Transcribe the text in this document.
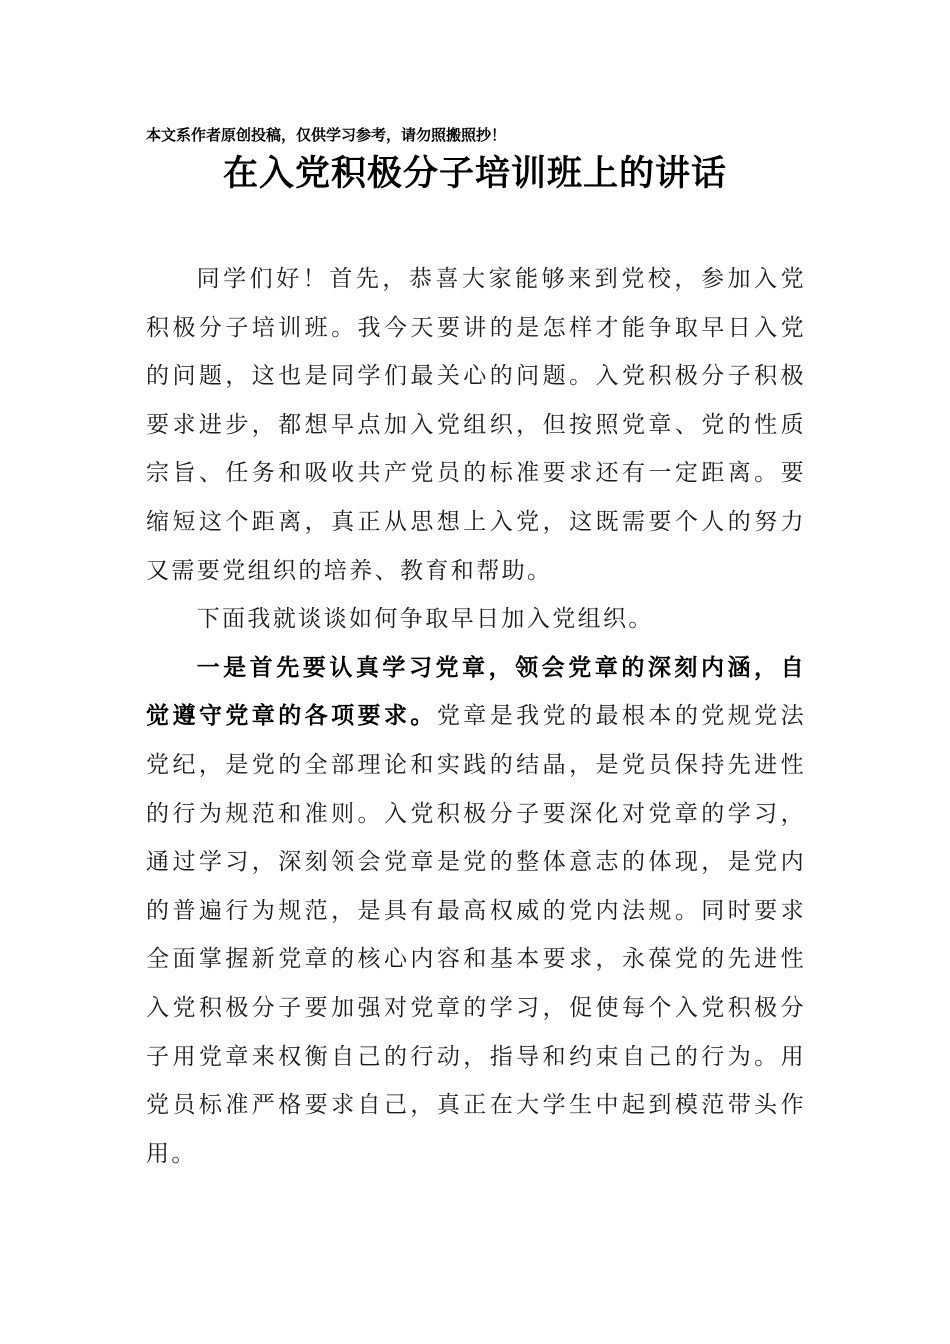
本文系作者原创投稿，仅供学习参考，请勿照搬照抄！
在入党积极分子培训班上的讲话

同学们好！首先，恭喜大家能够来到党校，参加入党积极分子培训班。我今天要讲的是怎样才能争取早日入党的问题，这也是同学们最关心的问题。入党积极分子积极要求进步，都想早点加入党组织，但按照党章、党的性质宗旨、任务和吸收共产党员的标准要求还有一定距离。要缩短这个距离，真正从思想上入党，这既需要个人的努力又需要党组织的培养、教育和帮助。

下面我就谈谈如何争取早日加入党组织。

一是首先要认真学习党章，领会党章的深刻内涵，自觉遵守党章的各项要求。党章是我党的最根本的党规党法党纪，是党的全部理论和实践的结晶，是党员保持先进性的行为规范和准则。入党积极分子要深化对党章的学习，通过学习，深刻领会党章是党的整体意志的体现，是党内的普遍行为规范，是具有最高权威的党内法规。同时要求全面掌握新党章的核心内容和基本要求，永葆党的先进性入党积极分子要加强对党章的学习，促使每个入党积极分子用党章来权衡自己的行动，指导和约束自己的行为。用党员标准严格要求自己，真正在大学生中起到模范带头作用。
